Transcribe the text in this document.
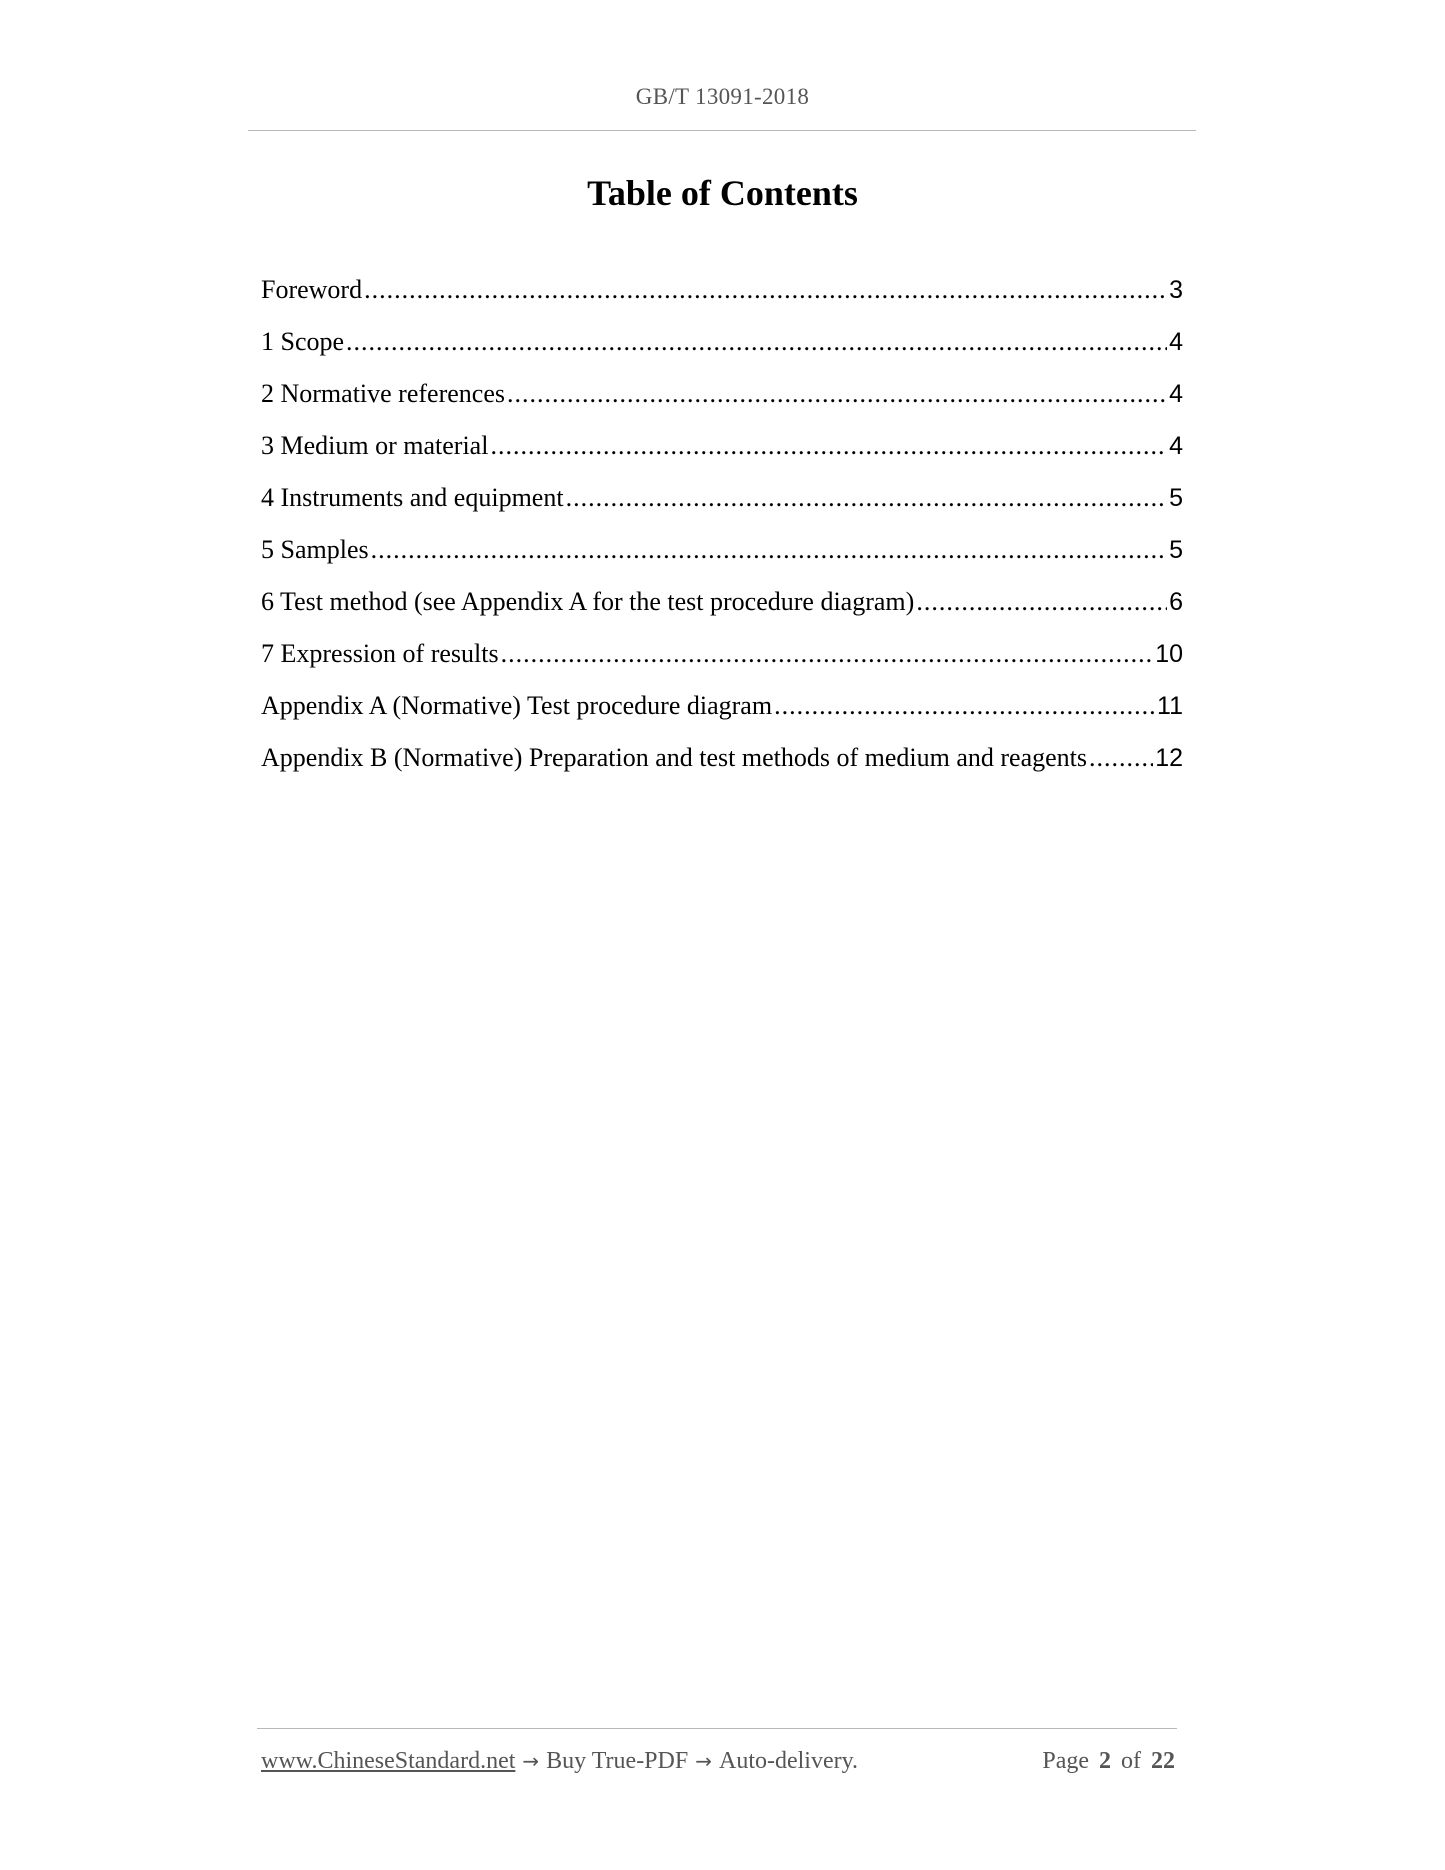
GB/T 13091-2018
Table of Contents
Foreword .....	3
1 Scope .....	4
2 Normative references .....	4
3 Medium or material .....	4
4 Instruments and equipment .....	5
5 Samples .....	5
6 Test method (see Appendix A for the test procedure diagram) .....	6
7 Expression of results .....	10
Appendix A (Normative) Test procedure diagram .....	11
Appendix B (Normative) Preparation and test methods of medium and reagents .....	12
www.ChineseStandard.net → Buy True-PDF → Auto-delivery.	Page 2 of 22
